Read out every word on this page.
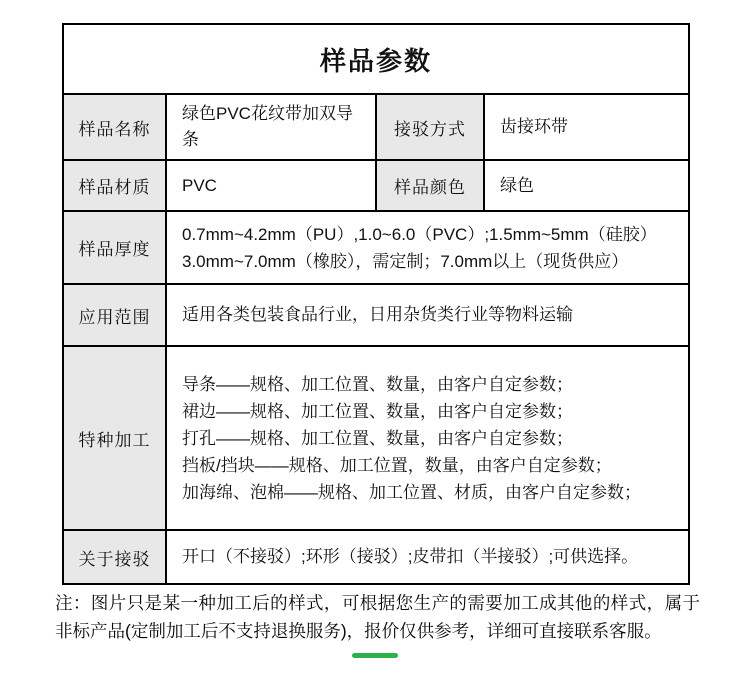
样品参数			
样品名称	绿色PVC花纹带加双导条	接驳方式	齿接环带
样品材质	PVC	样品颜色	绿色
样品厚度	0.7mm~4.2mm（PU）,1.0~6.0（PVC）;1.5mm~5mm（硅胶）
3.0mm~7.0mm（橡胶），需定制；7.0mm以上（现货供应）		

应用范围	适用各类包装食品行业，日用杂货类行业等物料运输		
特种加工	导条——规格、加工位置、数量，由客户自定参数；
裙边——规格、加工位置、数量，由客户自定参数；
打孔——规格、加工位置、数量，由客户自定参数；
挡板/挡块——规格、加工位置，数量，由客户自定参数；
加海绵、泡棉——规格、加工位置、材质，由客户自定参数；		

关于接驳	开口（不接驳）;环形（接驳）;皮带扣（半接驳）;可供选择。		
注：图片只是某一种加工后的样式，可根据您生产的需要加工成其他的样式，属于非标产品(定制加工后不支持退换服务)，报价仅供参考，详细可直接联系客服。
